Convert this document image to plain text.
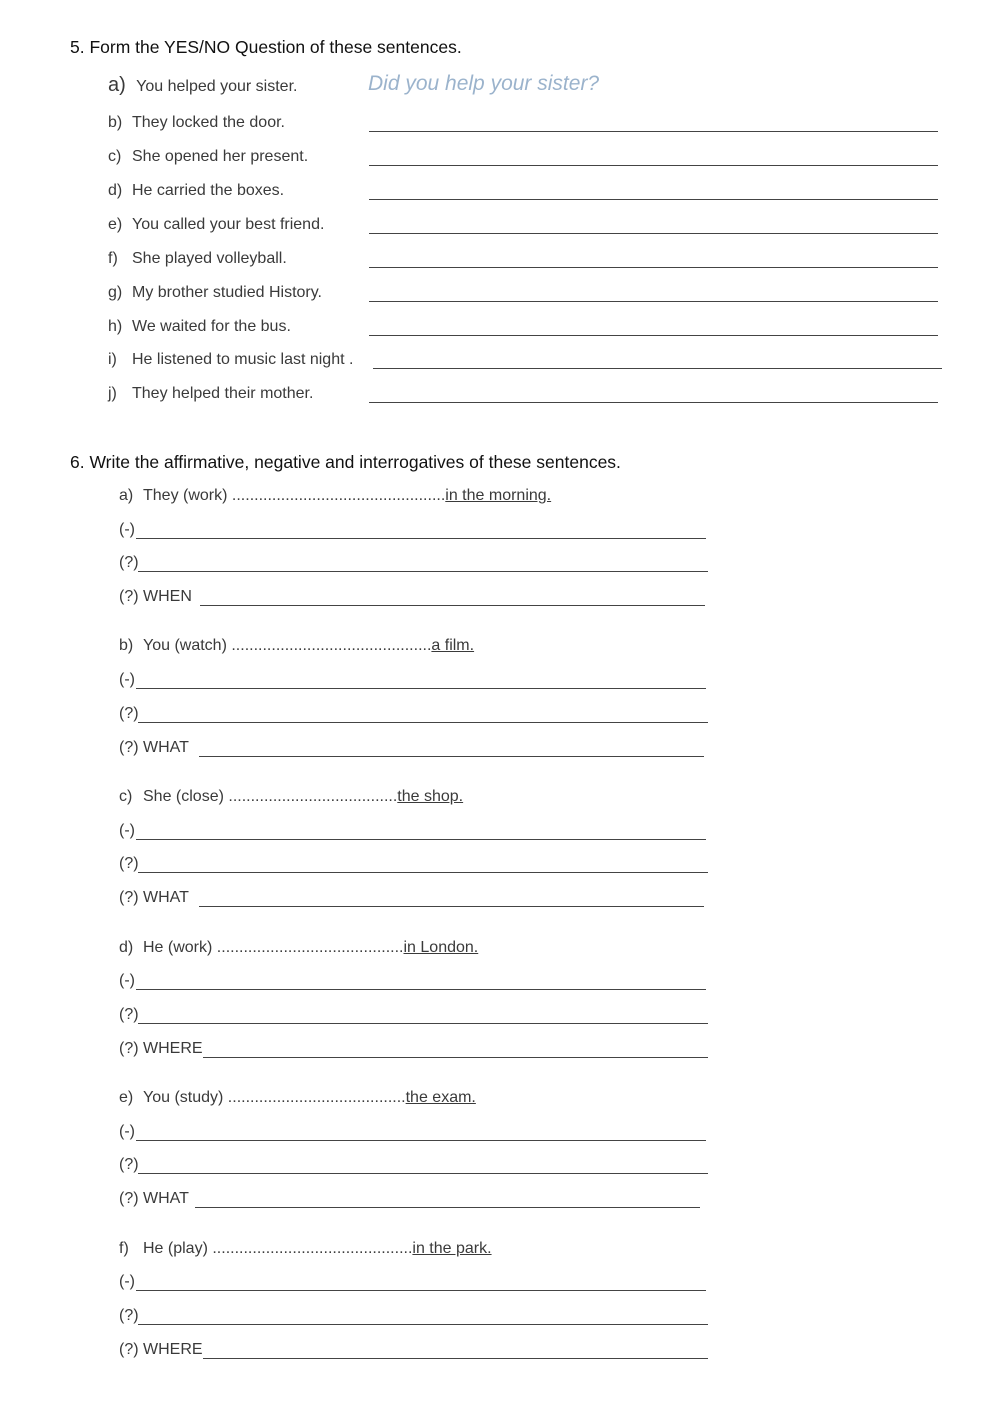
5. Form the YES/NO Question of these sentences.
a) You helped your sister.	Did you help your sister?
b) They locked the door.
c) She opened her present.
d) He carried the boxes.
e) You called your best friend.
f) She played volleyball.
g) My brother studied History.
h) We waited for the bus.
i) He listened to music last night .
j) They helped their mother.
6. Write the affirmative, negative and interrogatives of these sentences.
a) They (work) ................................................in the morning.
(-)
(?)
(?) WHEN
b) You (watch) .............................................a film.
(-)
(?)
(?) WHAT
c) She (close) ......................................the shop.
(-)
(?)
(?) WHAT
d) He (work) ..........................................in London.
(-)
(?)
(?) WHERE
e) You (study) ........................................the exam.
(-)
(?)
(?) WHAT
f) He (play) .............................................in the park.
(-)
(?)
(?) WHERE
